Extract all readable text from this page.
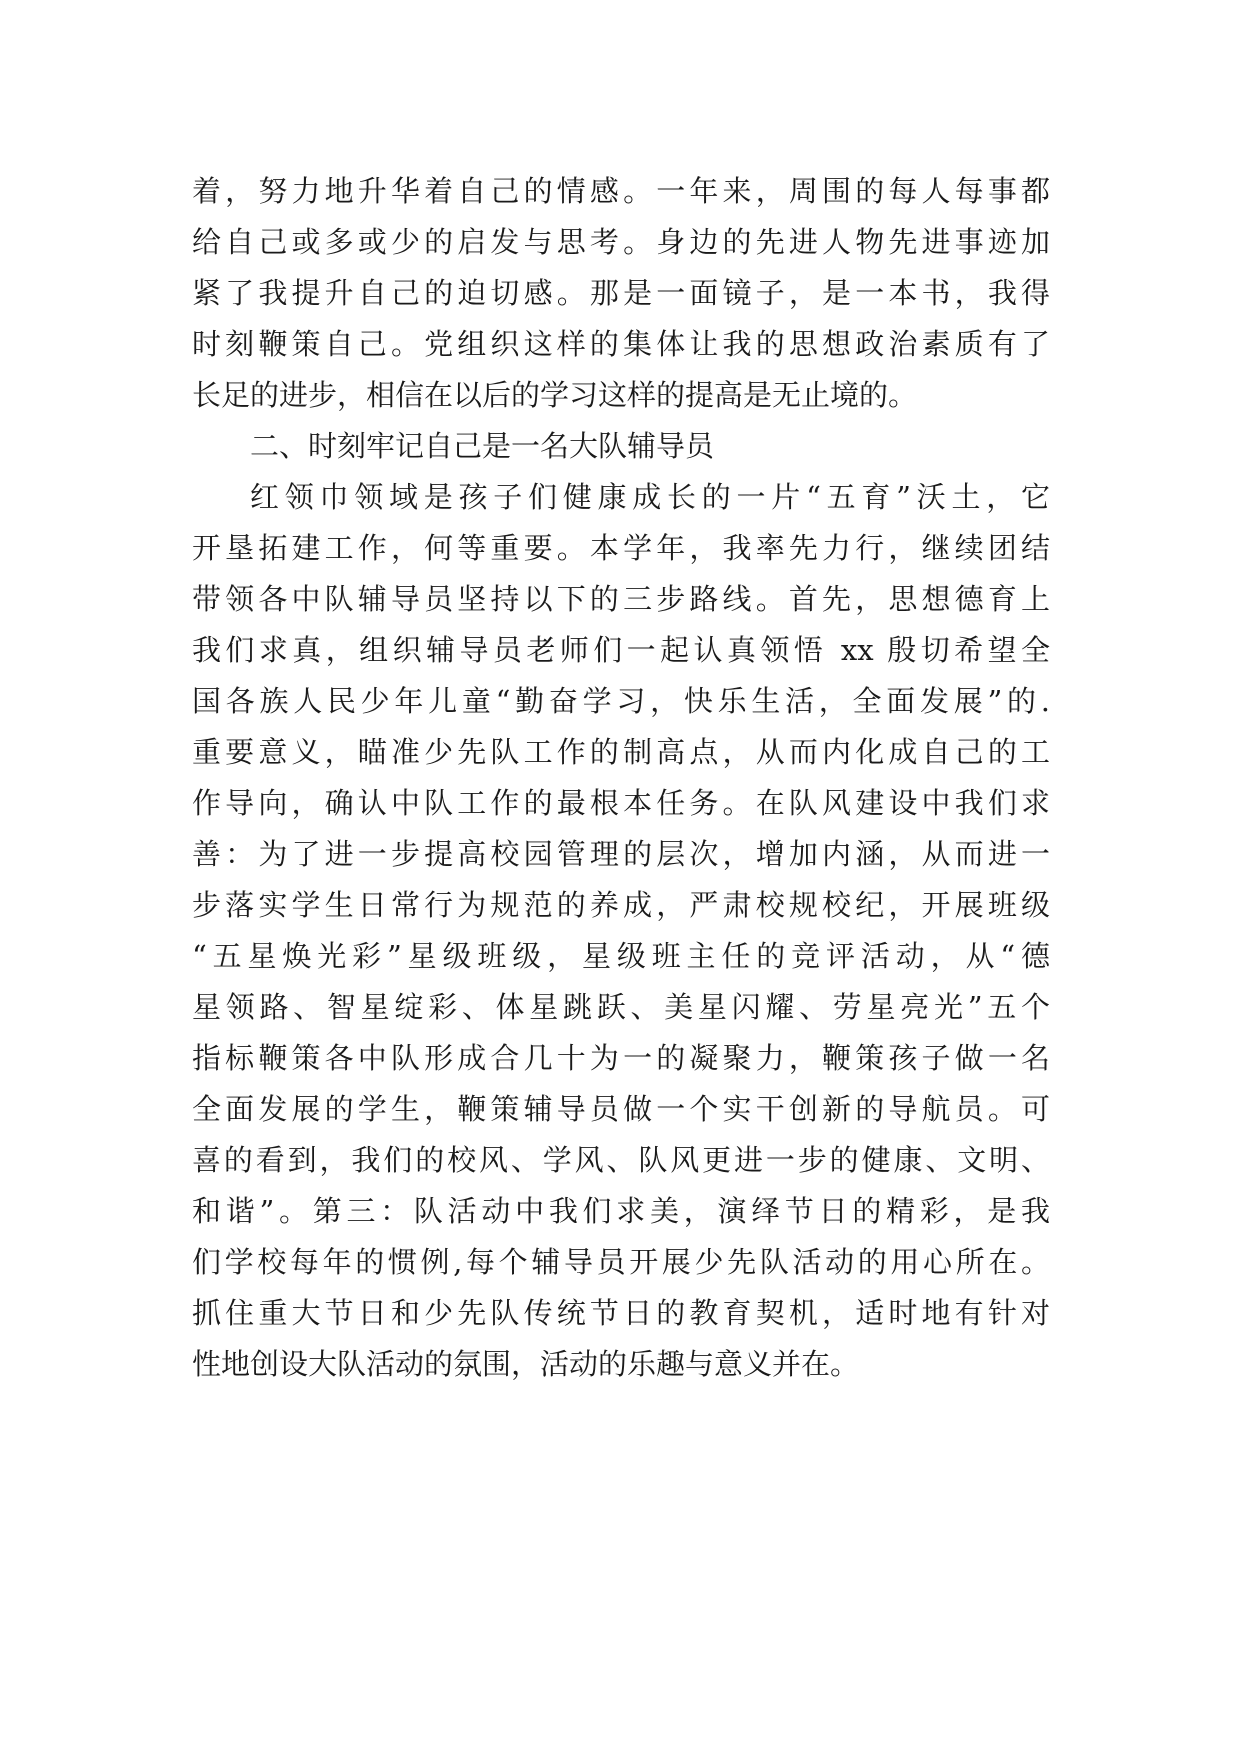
着，努力地升华着自己的情感。一年来，周围的每人每事都

给自己或多或少的启发与思考。身边的先进人物先进事迹加

紧了我提升自己的迫切感。那是一面镜子，是一本书，我得

时刻鞭策自己。党组织这样的集体让我的思想政治素质有了

长足的进步，相信在以后的学习这样的提高是无止境的。

二、时刻牢记自己是一名大队辅导员

红领巾领域是孩子们健康成长的一片“五育”沃土，它

开垦拓建工作，何等重要。本学年，我率先力行，继续团结

带领各中队辅导员坚持以下的三步路线。首先，思想德育上

我们求真，组织辅导员老师们一起认真领悟 xx 殷切希望全

国各族人民少年儿童“勤奋学习，快乐生活，全面发展”的.

重要意义，瞄准少先队工作的制高点，从而内化成自己的工

作导向，确认中队工作的最根本任务。在队风建设中我们求

善：为了进一步提高校园管理的层次，增加内涵，从而进一

步落实学生日常行为规范的养成，严肃校规校纪，开展班级

“五星焕光彩”星级班级，星级班主任的竞评活动，从“德

星领路、智星绽彩、体星跳跃、美星闪耀、劳星亮光”五个

指标鞭策各中队形成合几十为一的凝聚力，鞭策孩子做一名

全面发展的学生，鞭策辅导员做一个实干创新的导航员。可

喜的看到，我们的校风、学风、队风更进一步的健康、文明、

和谐”。第三：队活动中我们求美，演绎节日的精彩，是我

们学校每年的惯例,每个辅导员开展少先队活动的用心所在。

抓住重大节日和少先队传统节日的教育契机，适时地有针对

性地创设大队活动的氛围，活动的乐趣与意义并在。
